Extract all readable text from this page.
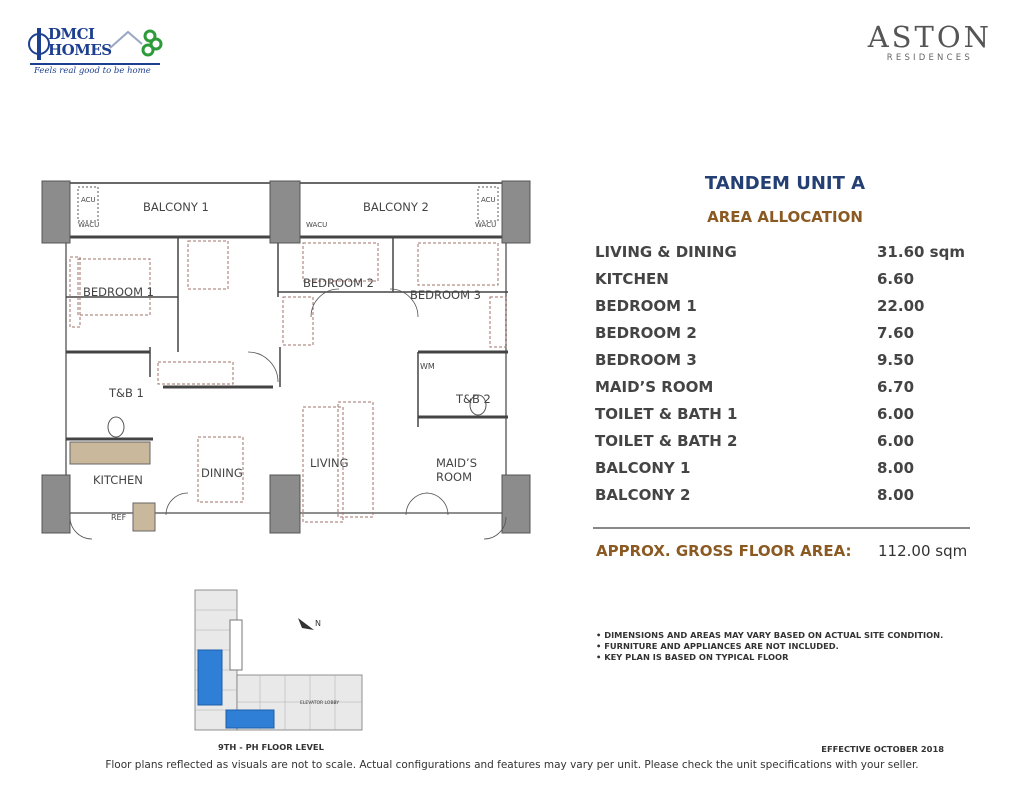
DMCI
HOMES
Feels real good to be home
ASTON
RESIDENCES
BALCONY 1	BALCONY 2
BEDROOM 1
BEDROOM 2
BEDROOM 3
T&B 1	T&B 2
KITCHEN	DINING
LIVING	MAID’S
ROOM
WM
REF
WACU	WACU	WACU
ACU	ACU
N
ELEVATOR LOBBY
9TH - PH FLOOR LEVEL
TANDEM UNIT A
AREA ALLOCATION
LIVING & DINING	31.60 sqm
KITCHEN	6.60
BEDROOM 1	22.00
BEDROOM 2	7.60
BEDROOM 3	9.50
MAID’S ROOM	6.70
TOILET & BATH 1	6.00
TOILET & BATH 2	6.00
BALCONY 1	8.00
BALCONY 2	8.00
APPROX. GROSS FLOOR AREA: 112.00 sqm
• DIMENSIONS AND AREAS MAY VARY BASED ON ACTUAL SITE CONDITION.
• FURNITURE AND APPLIANCES ARE NOT INCLUDED.
• KEY PLAN IS BASED ON TYPICAL FLOOR
EFFECTIVE OCTOBER 2018
Floor plans reflected as visuals are not to scale. Actual configurations and features may vary per unit. Please check the unit specifications with your seller.
